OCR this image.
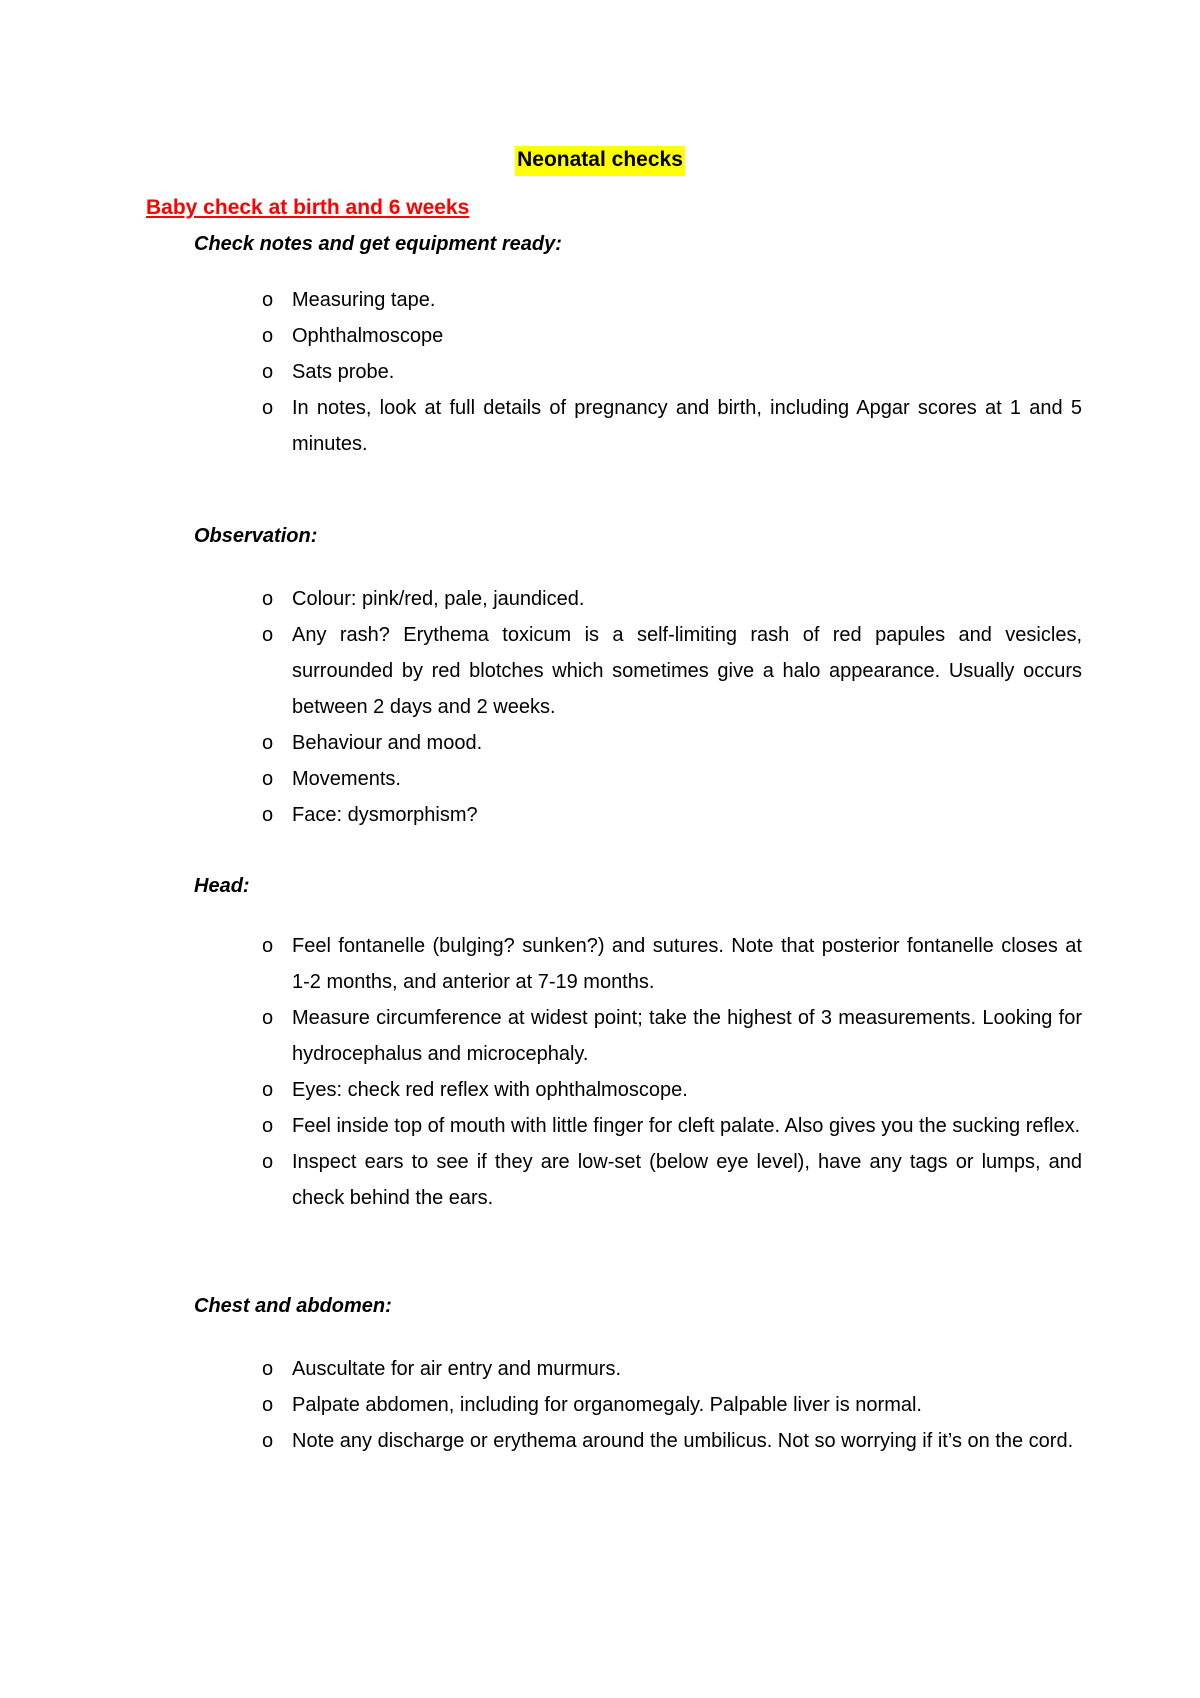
Neonatal checks
Baby check at birth and 6 weeks
Check notes and get equipment ready:
o Measuring tape.
o Ophthalmoscope
o Sats probe.
o In notes, look at full details of pregnancy and birth, including Apgar scores at 1 and 5 minutes.
Observation:
o Colour: pink/red, pale, jaundiced.
o Any rash? Erythema toxicum is a self-limiting rash of red papules and vesicles, surrounded by red blotches which sometimes give a halo appearance. Usually occurs between 2 days and 2 weeks.
o Behaviour and mood.
o Movements.
o Face: dysmorphism?
Head:
o Feel fontanelle (bulging? sunken?) and sutures. Note that posterior fontanelle closes at 1-2 months, and anterior at 7-19 months.
o Measure circumference at widest point; take the highest of 3 measurements. Looking for hydrocephalus and microcephaly.
o Eyes: check red reflex with ophthalmoscope.
o Feel inside top of mouth with little finger for cleft palate. Also gives you the sucking reflex.
o Inspect ears to see if they are low-set (below eye level), have any tags or lumps, and check behind the ears.
Chest and abdomen:
o Auscultate for air entry and murmurs.
o Palpate abdomen, including for organomegaly. Palpable liver is normal.
o Note any discharge or erythema around the umbilicus. Not so worrying if it’s on the cord.
